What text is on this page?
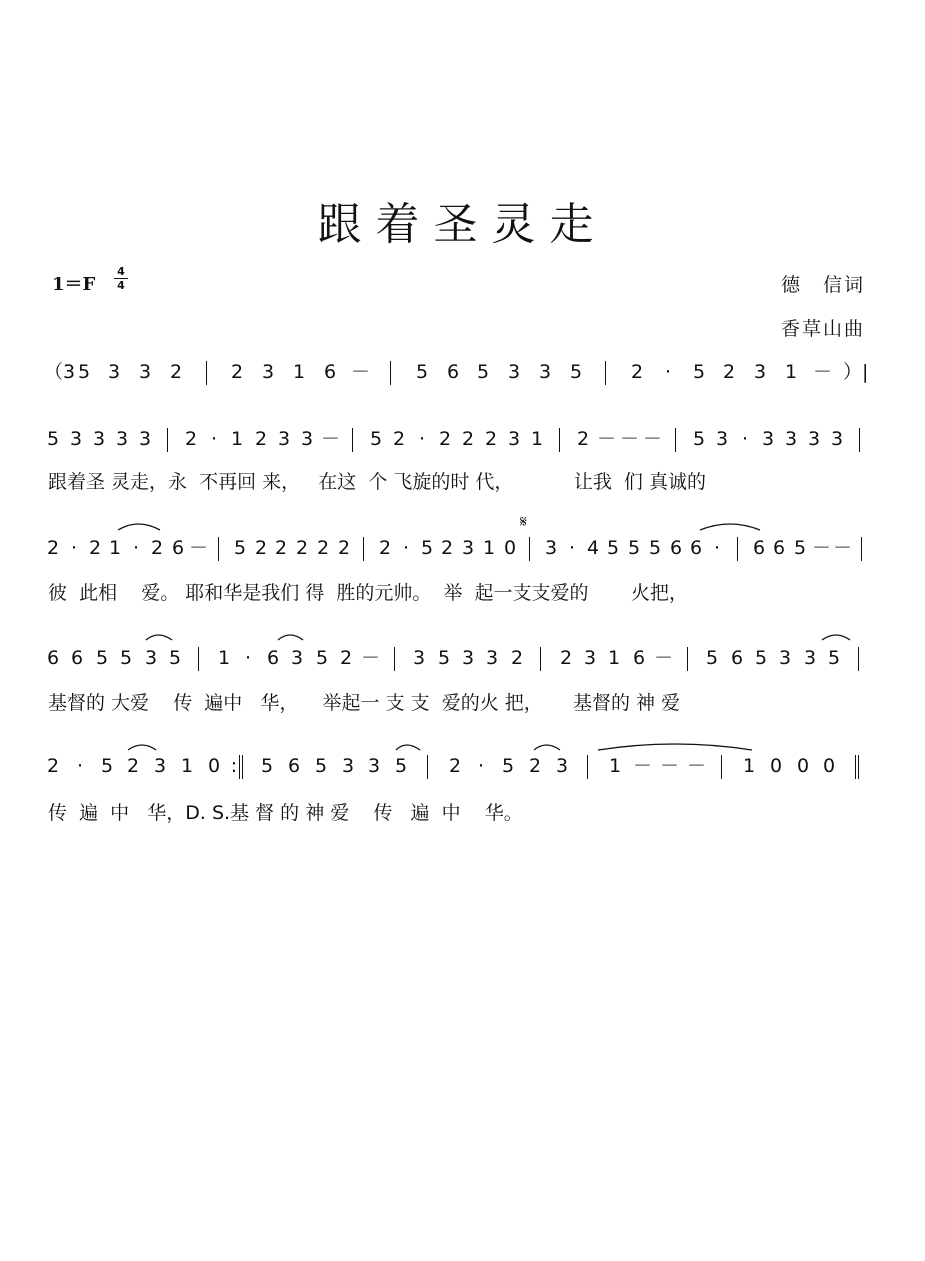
跟着圣灵走
1＝F
4
4	德　信词
香草山曲
（3 5 3 3 2	2 3 1 6 － 5 6 5 3 3 5	2	·	5 2 3 1 － ）|
5 3 3 3 3 2 · 1 2 3 3 － 5 2 · 2 2 2 3 1 2 － － － 5 3 · 3 3 3 3
跟着圣 灵走，永  不再回 来，   在这  个 飞旋的时 代，          让我  们 真诚的
𝄋
2 · 2 1 · 2 6 － 5 2 2 2 2 2 2 · 5 2 3 1 0 3 · 4 5 5 5 6 6 ·	6 6 5 － －
彼  此相    爱。 耶和华是我们 得  胜的元帅。  举  起一支支爱的       火把，
6 6 5 5 3 5 1 · 6 3 5 2 － 3 5 3 3 2 2 3 1 6 － 5 6 5 3 3 5
基督的 大爱    传  遍中   华，    举起一 支 支  爱的火 把，     基督的 神 爱
2 · 5 2 3 1 0 :	5 6 5 3 3 5 2 · 5 2 3 1 － － － 1 0 0 0
传  遍  中   华，D. S.基 督 的 神 爱    传   遍  中    华。
